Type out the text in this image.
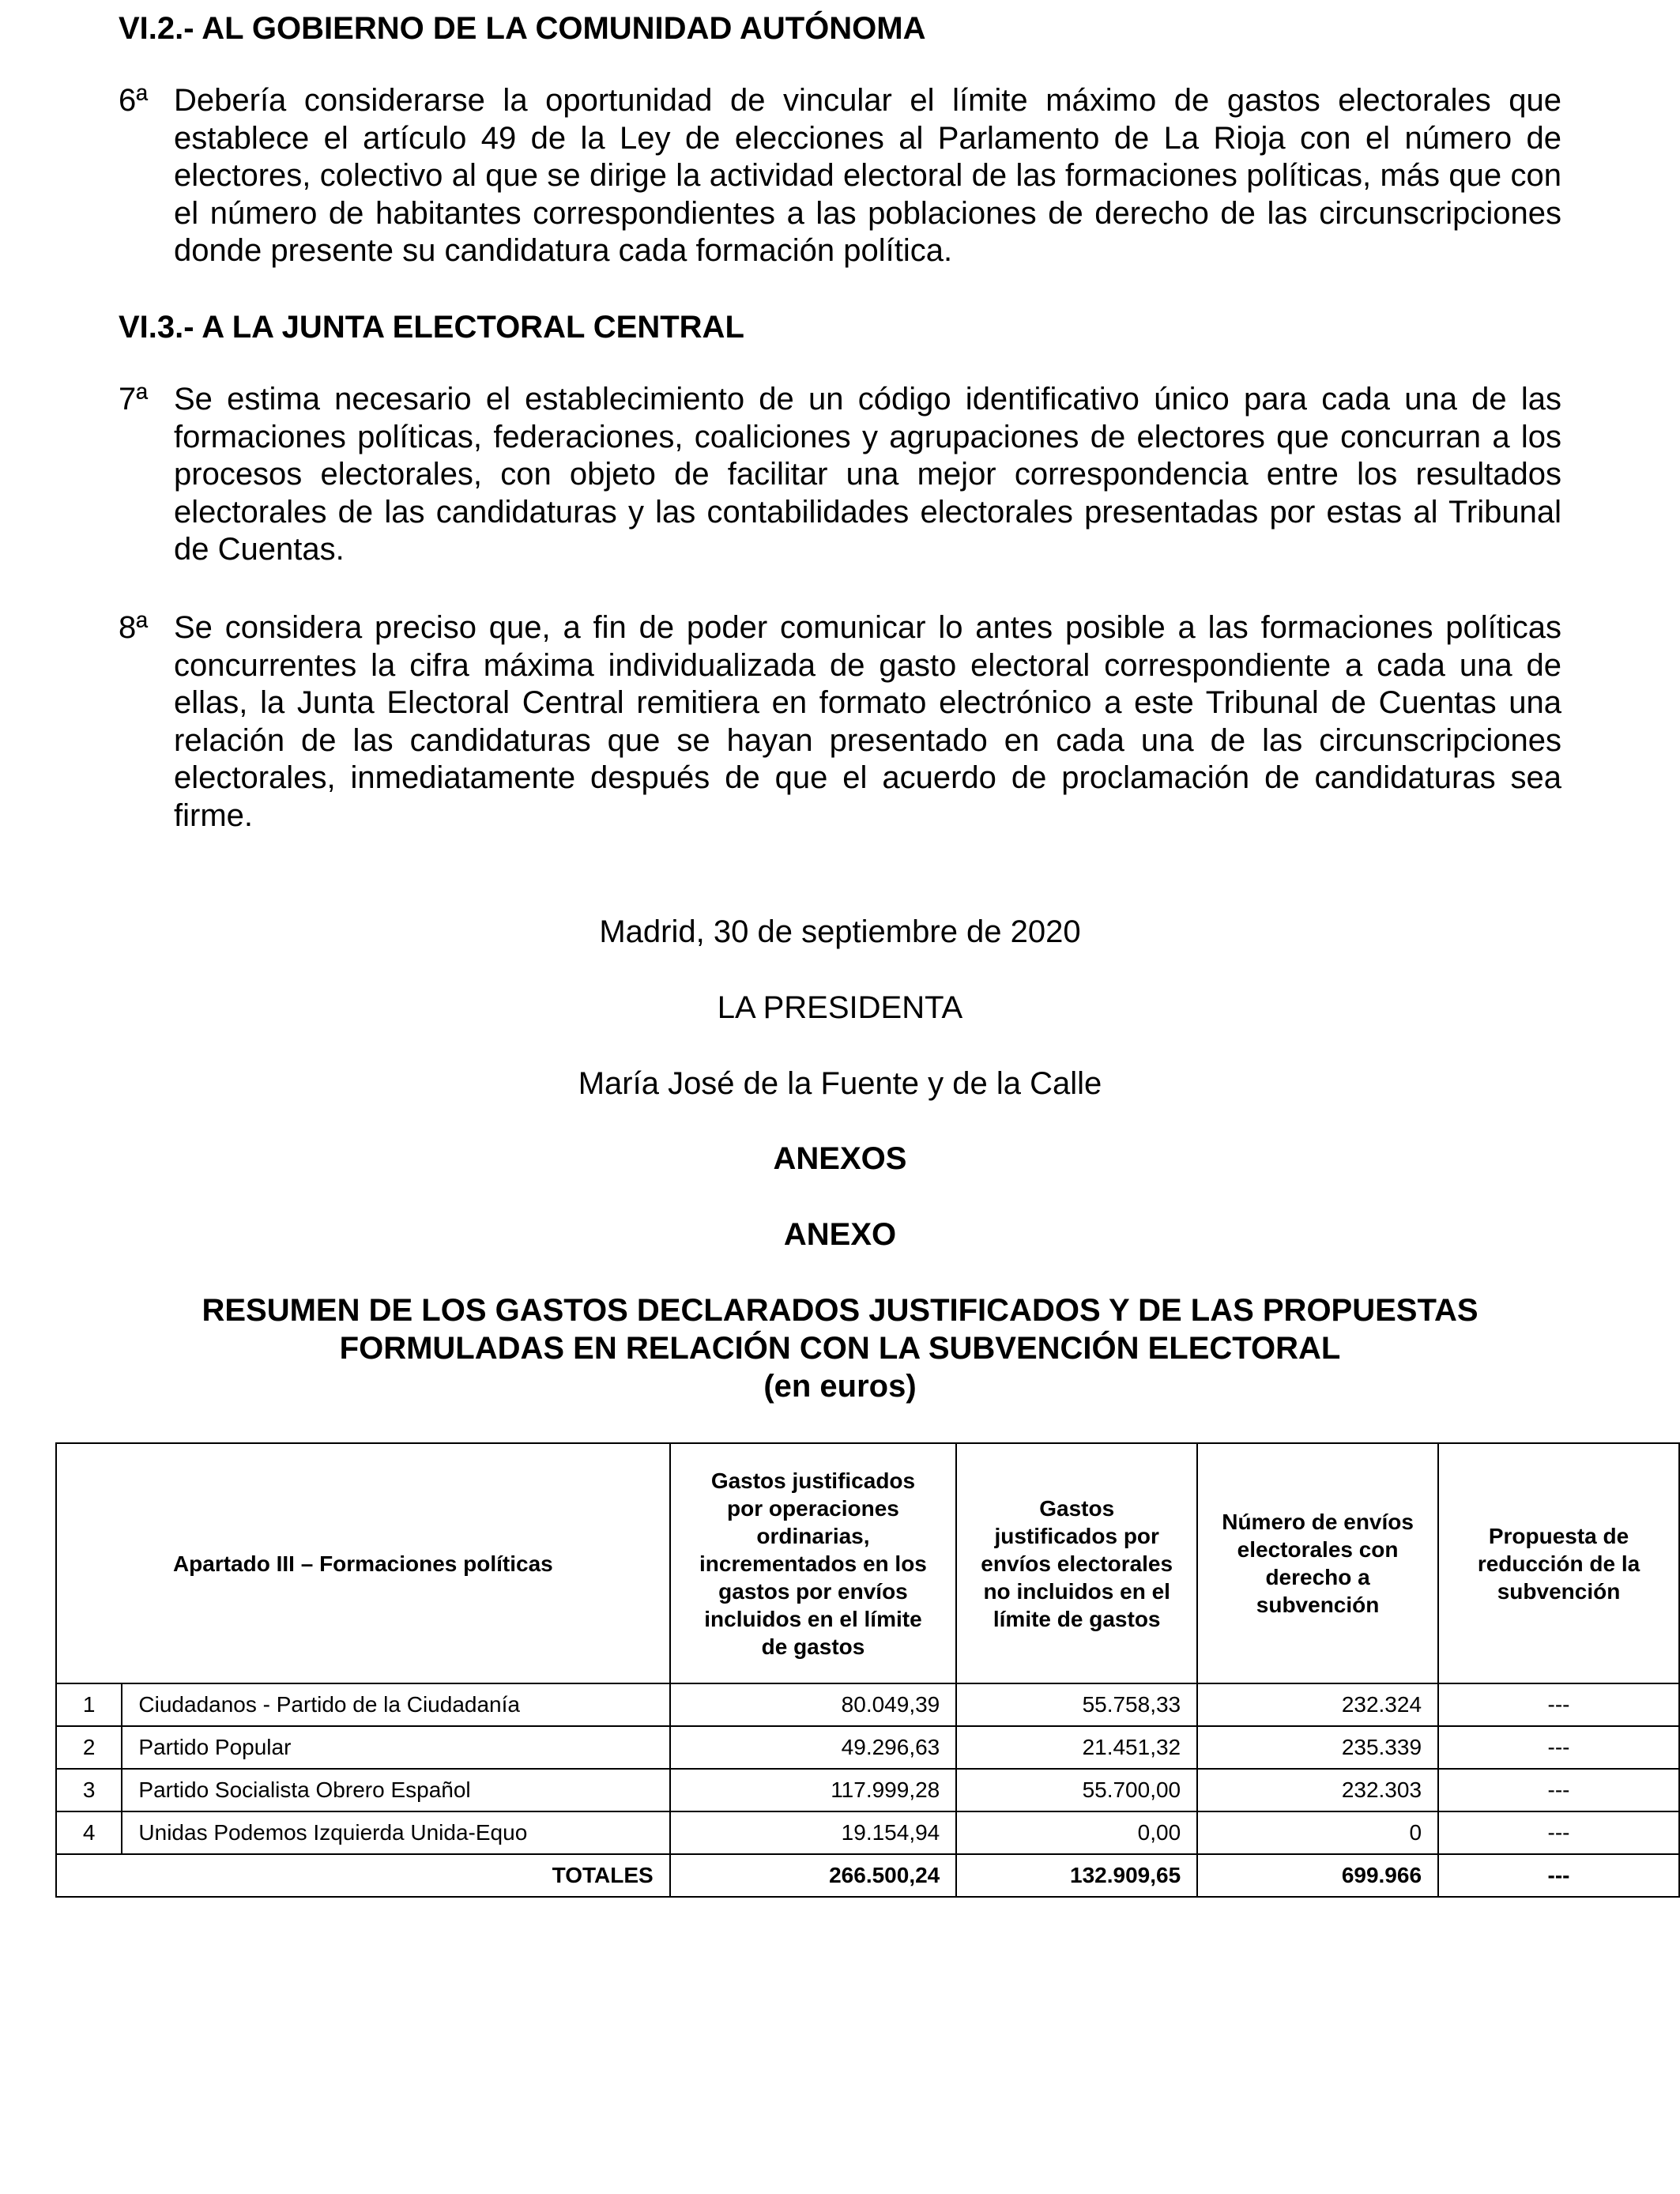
VI.2.- AL GOBIERNO DE LA COMUNIDAD AUTÓNOMA
6ª Debería considerarse la oportunidad de vincular el límite máximo de gastos electorales que establece el artículo 49 de la Ley de elecciones al Parlamento de La Rioja con el número de electores, colectivo al que se dirige la actividad electoral de las formaciones políticas, más que con el número de habitantes correspondientes a las poblaciones de derecho de las circunscripciones donde presente su candidatura cada formación política.
VI.3.- A LA JUNTA ELECTORAL CENTRAL
7ª Se estima necesario el establecimiento de un código identificativo único para cada una de las formaciones políticas, federaciones, coaliciones y agrupaciones de electores que concurran a los procesos electorales, con objeto de facilitar una mejor correspondencia entre los resultados electorales de las candidaturas y las contabilidades electorales presentadas por estas al Tribunal de Cuentas.
8ª Se considera preciso que, a fin de poder comunicar lo antes posible a las formaciones políticas concurrentes la cifra máxima individualizada de gasto electoral correspondiente a cada una de ellas, la Junta Electoral Central remitiera en formato electrónico a este Tribunal de Cuentas una relación de las candidaturas que se hayan presentado en cada una de las circunscripciones electorales, inmediatamente después de que el acuerdo de proclamación de candidaturas sea firme.
Madrid, 30 de septiembre de 2020
LA PRESIDENTA
María José de la Fuente y de la Calle
ANEXOS
ANEXO
RESUMEN DE LOS GASTOS DECLARADOS JUSTIFICADOS Y DE LAS PROPUESTAS
FORMULADAS EN RELACIÓN CON LA SUBVENCIÓN ELECTORAL
(en euros)
Apartado III – Formaciones políticas		Gastos justificados por operaciones ordinarias, incrementados en los gastos por envíos incluidos en el límite de gastos	Gastos justificados por envíos electorales no incluidos en el límite de gastos	Número de envíos electorales con derecho a subvención	Propuesta de reducción de la subvención
1	Ciudadanos - Partido de la Ciudadanía	80.049,39	55.758,33	232.324	---
2	Partido Popular	49.296,63	21.451,32	235.339	---
3	Partido Socialista Obrero Español	117.999,28	55.700,00	232.303	---
4	Unidas Podemos Izquierda Unida-Equo	19.154,94	0,00	0	---
TOTALES		266.500,24	132.909,65	699.966	---
